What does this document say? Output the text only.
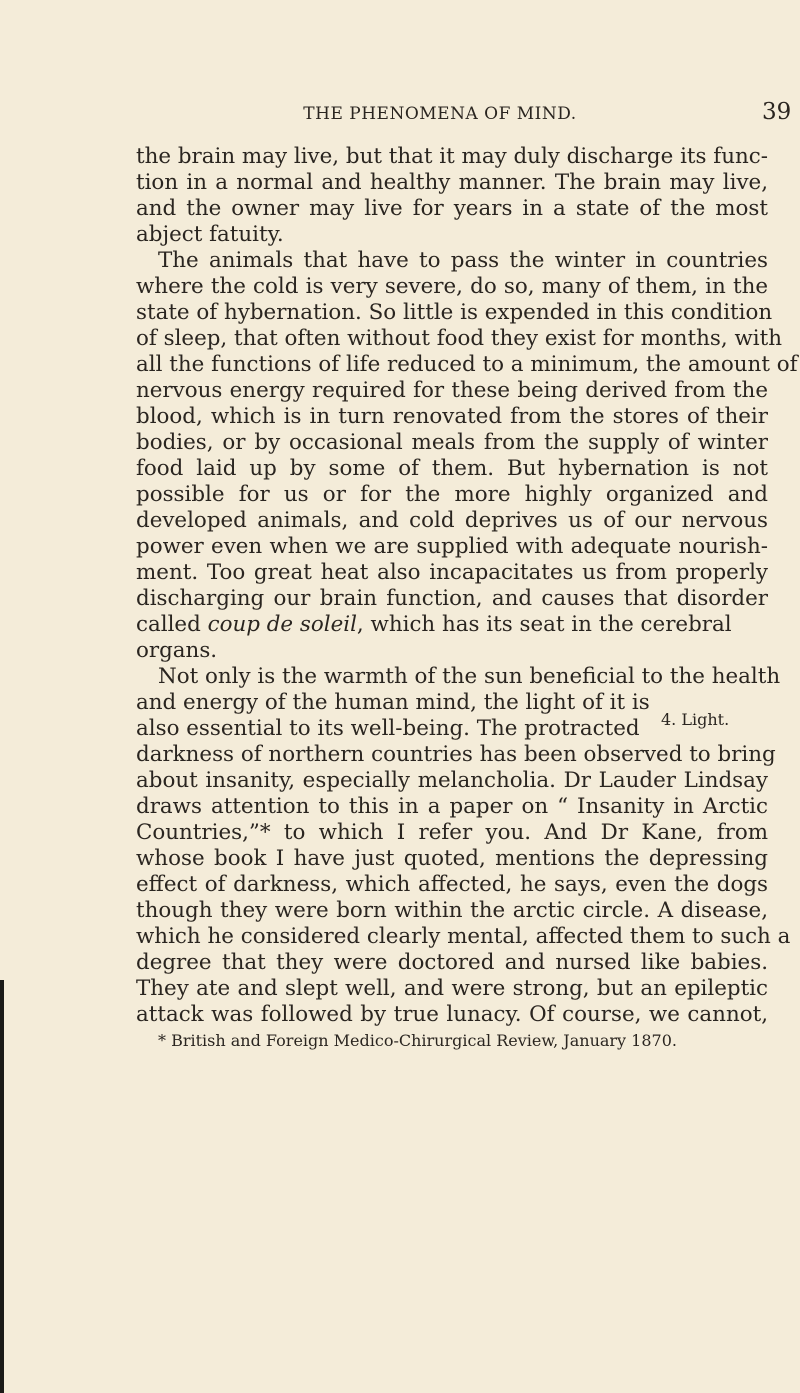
THE PHENOMENA OF MIND.	39
the brain may live, but that it may duly discharge its func-
tion in a normal and healthy manner. The brain may live,
and the owner may live for years in a state of the most
abject fatuity.
The animals that have to pass the winter in countries
where the cold is very severe, do so, many of them, in the
state of hybernation. So little is expended in this condition
of sleep, that often without food they exist for months, with
all the functions of life reduced to a minimum, the amount of
nervous energy required for these being derived from the
blood, which is in turn renovated from the stores of their
bodies, or by occasional meals from the supply of winter
food laid up by some of them. But hybernation is not
possible for us or for the more highly organized and
developed animals, and cold deprives us of our nervous
power even when we are supplied with adequate nourish-
ment. Too great heat also incapacitates us from properly
discharging our brain function, and causes that disorder
called coup de soleil, which has its seat in the cerebral
organs.
Not only is the warmth of the sun beneficial to the health
and energy of the human mind, the light of it is
also essential to its well-being. The protracted
darkness of northern countries has been observed to bring
about insanity, especially melancholia. Dr Lauder Lindsay
draws attention to this in a paper on “ Insanity in Arctic
Countries,”* to which I refer you. And Dr Kane, from
whose book I have just quoted, mentions the depressing
effect of darkness, which affected, he says, even the dogs
though they were born within the arctic circle. A disease,
which he considered clearly mental, affected them to such a
degree that they were doctored and nursed like babies.
They ate and slept well, and were strong, but an epileptic
attack was followed by true lunacy. Of course, we cannot,
4. Light.
* British and Foreign Medico-Chirurgical Review, January 1870.
